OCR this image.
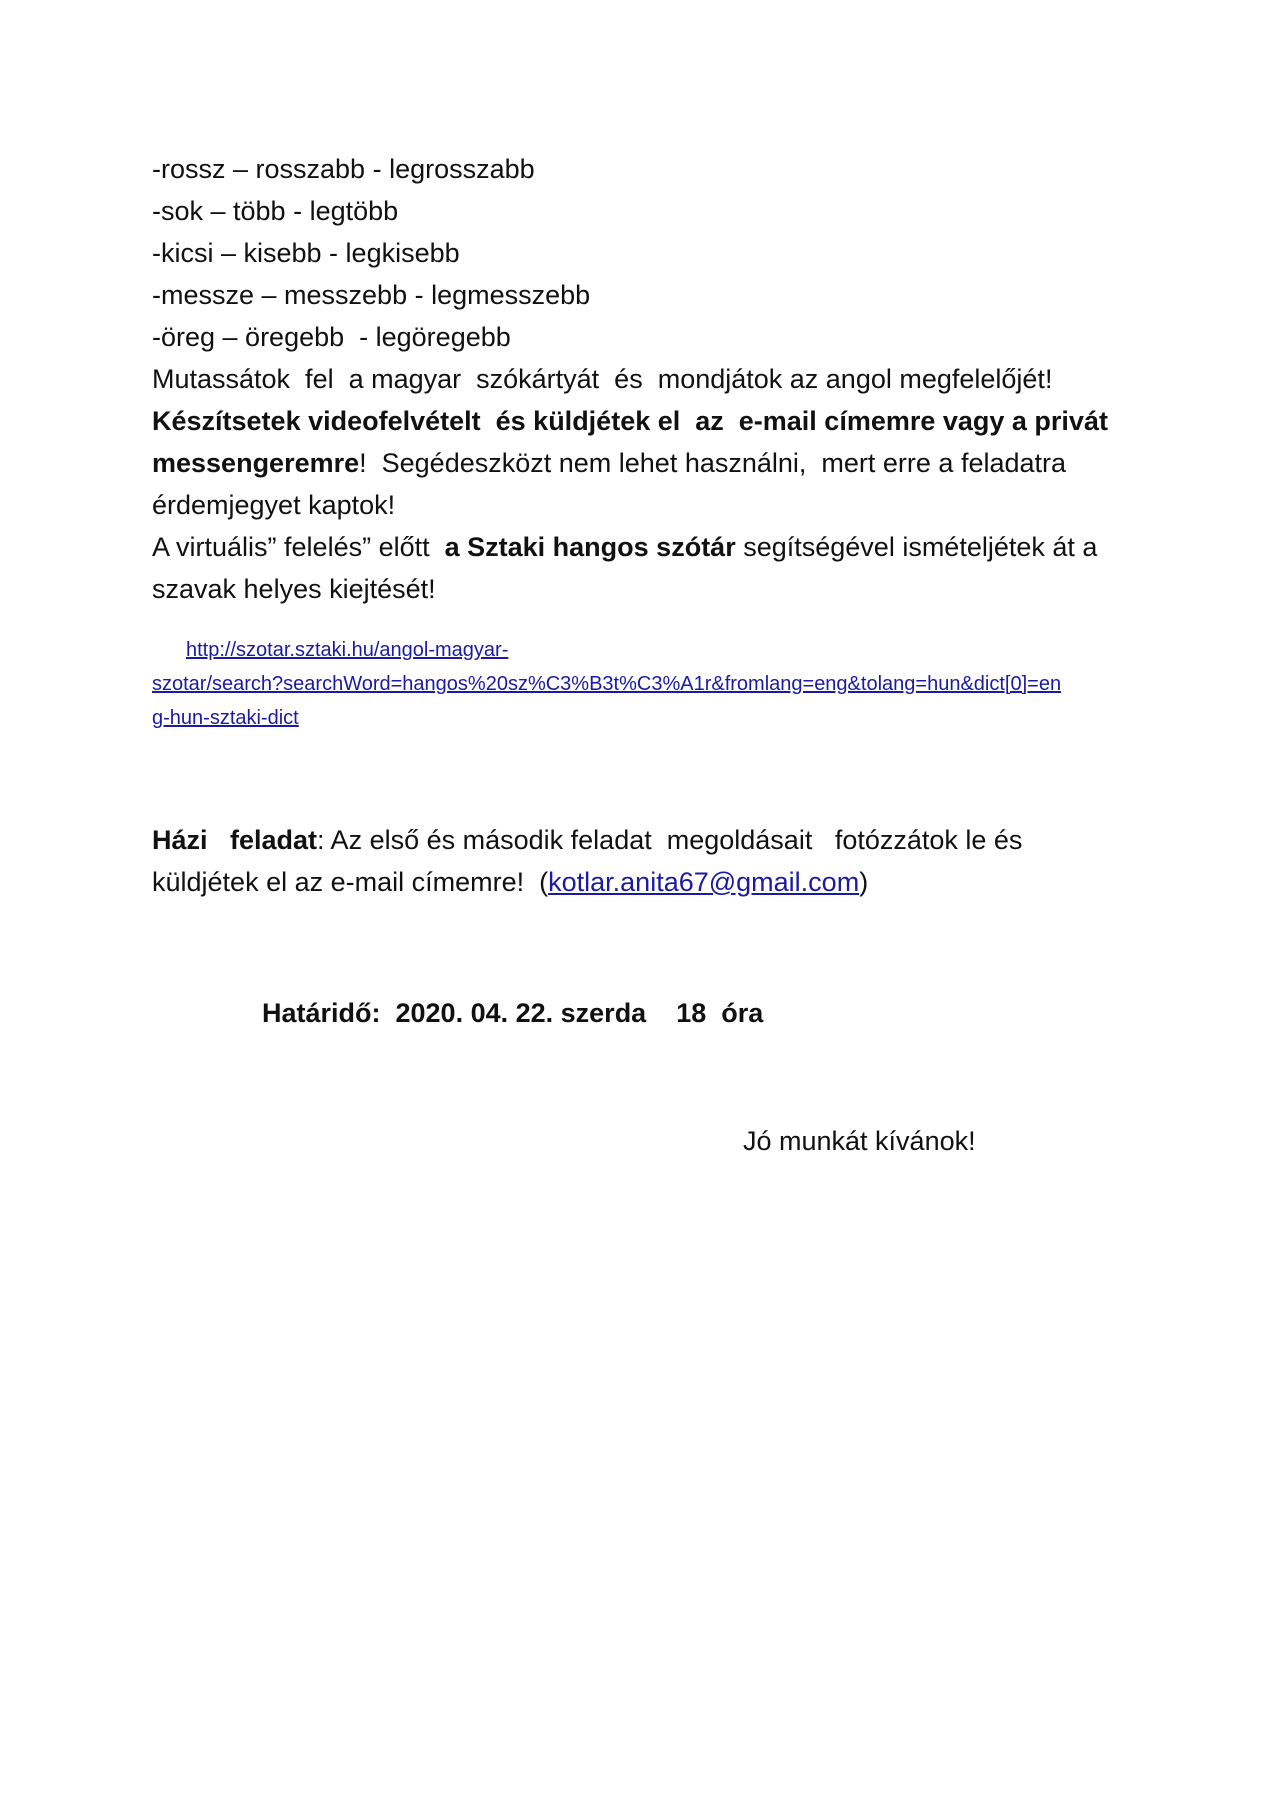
-rossz – rosszabb - legrosszabb

-sok – több - legtöbb

-kicsi – kisebb - legkisebb

-messze – messzebb - legmesszebb

-öreg – öregebb  - legöregebb

Mutassátok  fel  a magyar  szókártyát  és  mondjátok az angol megfelelőjét!

Készítsetek videofelvételt  és küldjétek el  az  e-mail címemre vagy a privát

messengeremre!  Segédeszközt nem lehet használni,  mert erre a feladatra

érdemjegyet kaptok!

A virtuális” felelés” előtt  a Sztaki hangos szótár segítségével ismételjétek át a

szavak helyes kiejtését!

http://szotar.sztaki.hu/angol-magyar-

szotar/search?searchWord=hangos%20sz%C3%B3t%C3%A1r&fromlang=eng&tolang=hun&dict[0]=en

g-hun-sztaki-dict

Házi   feladat: Az első és második feladat  megoldásait   fotózzátok le és

küldjétek el az e-mail címemre!  (kotlar.anita67@gmail.com)

Határidő:  2020. 04. 22. szerda    18  óra

Jó munkát kívánok!
